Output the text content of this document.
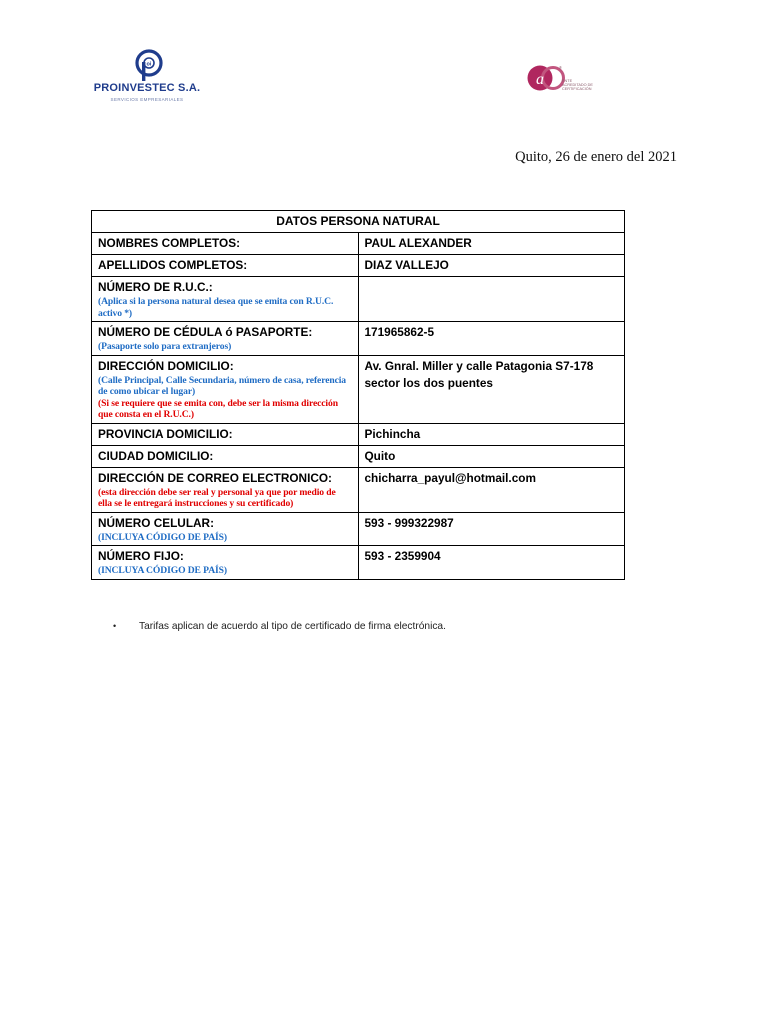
oi
PROINVESTEC S.A.
SERVICIOS EMPRESARIALES
a
®
ENTE ACREDITADO DE CERTIFICACIÓN
Quito, 26 de enero del 2021
DATOS PERSONA NATURAL	

NOMBRES COMPLETOS:	PAUL ALEXANDER

APELLIDOS COMPLETOS:	DIAZ VALLEJO

NÚMERO DE R.U.C.:
(Aplica si la persona natural desea que se emita con R.U.C. activo *)	

NÚMERO DE CÉDULA ó PASAPORTE:
(Pasaporte solo para extranjeros)	171965862-5

DIRECCIÓN DOMICILIO:
(Calle Principal, Calle Secundaria, número de casa, referencia de como ubicar el lugar)
(Si se requiere que se emita con, debe ser la misma dirección que consta en el R.U.C.)	Av. Gnral. Miller y calle Patagonia S7-178 sector los dos puentes

PROVINCIA DOMICILIO:	Pichincha

CIUDAD DOMICILIO:	Quito

DIRECCIÓN DE CORREO ELECTRONICO:
(esta dirección debe ser real y personal ya que por medio de ella se le entregará instrucciones y su certificado)	chicharra_payul@hotmail.com

NÚMERO CELULAR:
(INCLUYA CÓDIGO DE PAÍS)	593 - 999322987

NÚMERO FIJO:
(INCLUYA CÓDIGO DE PAÍS)	593 - 2359904
• Tarifas aplican de acuerdo al tipo de certificado de firma electrónica.
